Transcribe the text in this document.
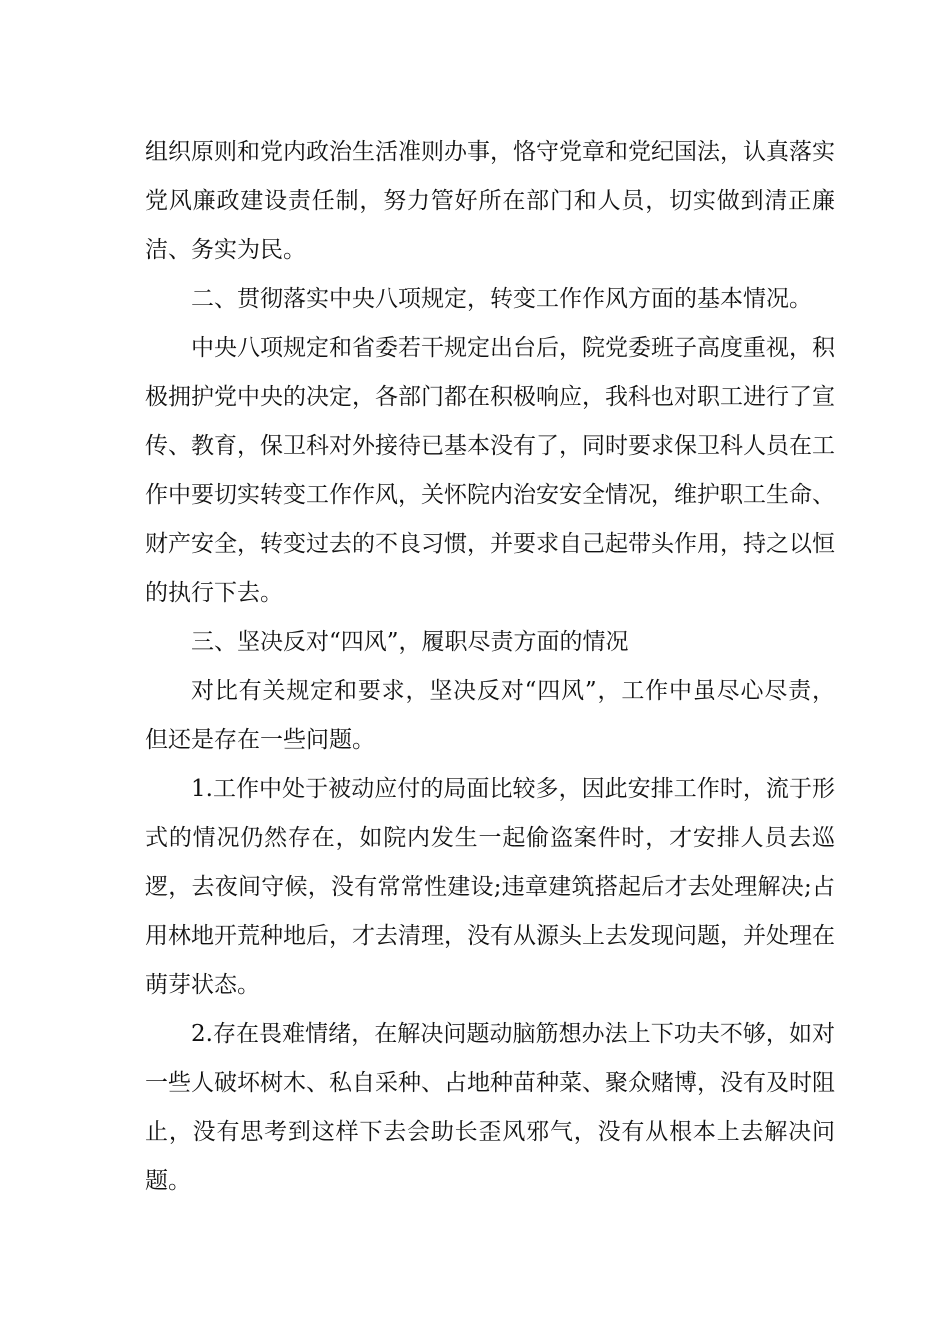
组织原则和党内政治生活准则办事，恪守党章和党纪国法，认真落实党风廉政建设责任制，努力管好所在部门和人员，切实做到清正廉洁、务实为民。

二、贯彻落实中央八项规定，转变工作作风方面的基本情况。

中央八项规定和省委若干规定出台后，院党委班子高度重视，积极拥护党中央的决定，各部门都在积极响应，我科也对职工进行了宣传、教育，保卫科对外接待已基本没有了，同时要求保卫科人员在工作中要切实转变工作作风，关怀院内治安安全情况，维护职工生命、财产安全，转变过去的不良习惯，并要求自己起带头作用，持之以恒的执行下去。

三、坚决反对“四风”，履职尽责方面的情况

对比有关规定和要求，坚决反对“四风”，工作中虽尽心尽责，但还是存在一些问题。

1.工作中处于被动应付的局面比较多，因此安排工作时，流于形式的情况仍然存在，如院内发生一起偷盗案件时，才安排人员去巡逻，去夜间守候，没有常常性建设;违章建筑搭起后才去处理解决;占用林地开荒种地后，才去清理，没有从源头上去发现问题，并处理在萌芽状态。

2.存在畏难情绪，在解决问题动脑筋想办法上下功夫不够，如对一些人破坏树木、私自采种、占地种苗种菜、聚众赌博，没有及时阻止，没有思考到这样下去会助长歪风邪气，没有从根本上去解决问题。
